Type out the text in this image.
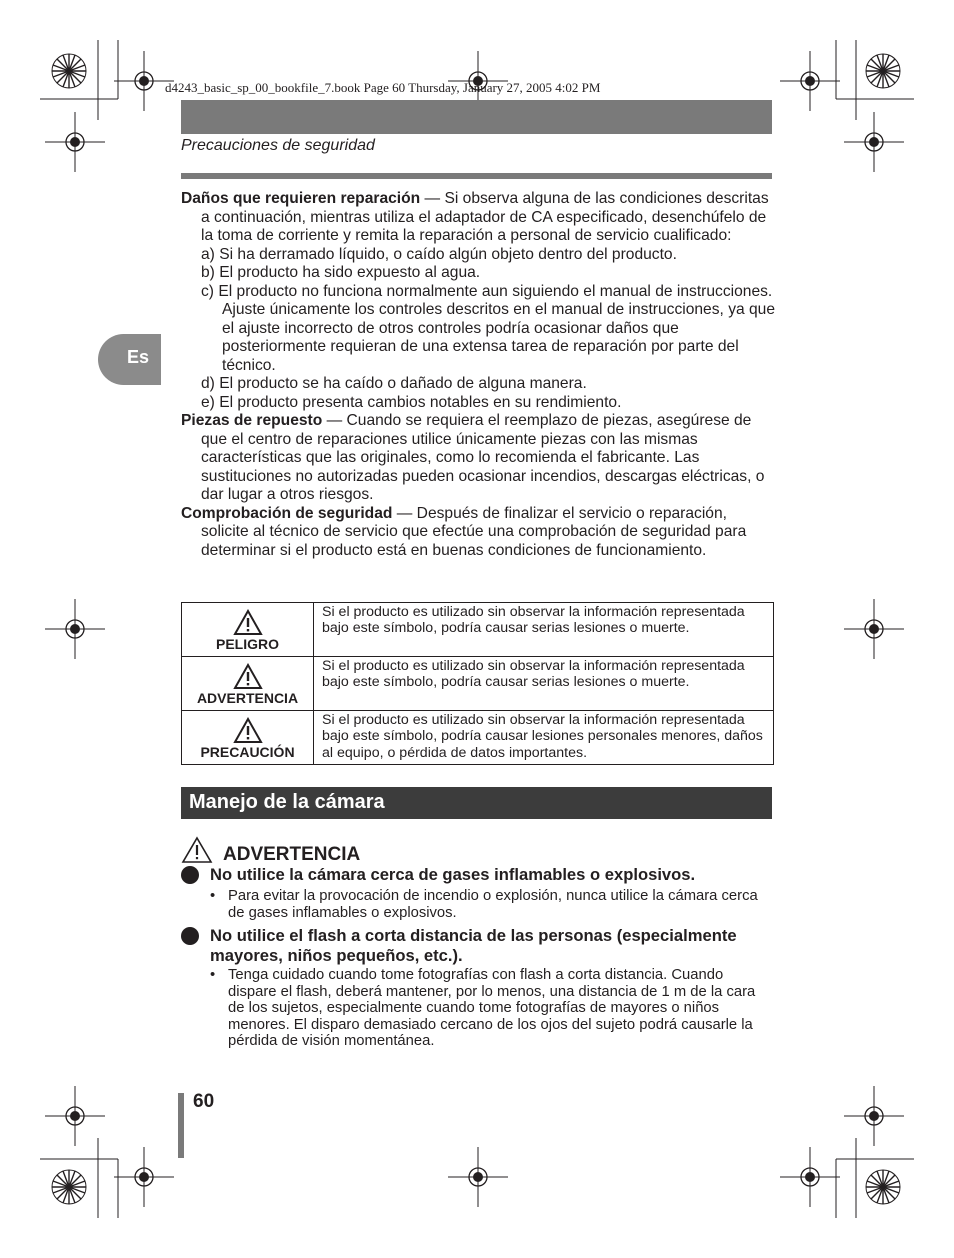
d4243_basic_sp_00_bookfile_7.book Page 60 Thursday, January 27, 2005 4:02 PM
Precauciones de seguridad
Es

Daños que requieren reparación — Si observa alguna de las condiciones descritas a continuación, mientras utiliza el adaptador de CA especificado, desenchúfelo de la toma de corriente y remita la reparación a personal de servicio cualificado:

a) Si ha derramado líquido, o caído algún objeto dentro del producto.

b) El producto ha sido expuesto al agua.

c) El producto no funciona normalmente aun siguiendo el manual de instrucciones. Ajuste únicamente los controles descritos en el manual de instrucciones, ya que el ajuste incorrecto de otros controles podría ocasionar daños que posteriormente requieran de una extensa tarea de reparación por parte del técnico.

d) El producto se ha caído o dañado de alguna manera.

e) El producto presenta cambios notables en su rendimiento.

Piezas de repuesto — Cuando se requiera el reemplazo de piezas, asegúrese de que el centro de reparaciones utilice únicamente piezas con las mismas características que las originales, como lo recomienda el fabricante. Las sustituciones no autorizadas pueden ocasionar incendios, descargas eléctricas, o dar lugar a otros riesgos.

Comprobación de seguridad — Después de finalizar el servicio o reparación, solicite al técnico de servicio que efectúe una comprobación de seguridad para determinar si el producto está en buenas condiciones de funcionamiento.

PELIGRO	Si el producto es utilizado sin observar la información representada bajo este símbolo, podría causar serias lesiones o muerte.

ADVERTENCIA	Si el producto es utilizado sin observar la información representada bajo este símbolo, podría causar serias lesiones o muerte.

PRECAUCIÓN	Si el producto es utilizado sin observar la información representada bajo este símbolo, podría causar lesiones personales menores, daños al equipo, o pérdida de datos importantes.
Manejo de la cámara
ADVERTENCIA
No utilice la cámara cerca de gases inflamables o explosivos.
• Para evitar la provocación de incendio o explosión, nunca utilice la cámara cerca de gases inflamables o explosivos.
No utilice el flash a corta distancia de las personas (especialmente mayores, niños pequeños, etc.).
• Tenga cuidado cuando tome fotografías con flash a corta distancia. Cuando dispare el flash, deberá mantener, por lo menos, una distancia de 1 m de la cara de los sujetos, especialmente cuando tome fotografías de mayores o niños menores. El disparo demasiado cercano de los ojos del sujeto podrá causarle la pérdida de visión momentánea.
60
